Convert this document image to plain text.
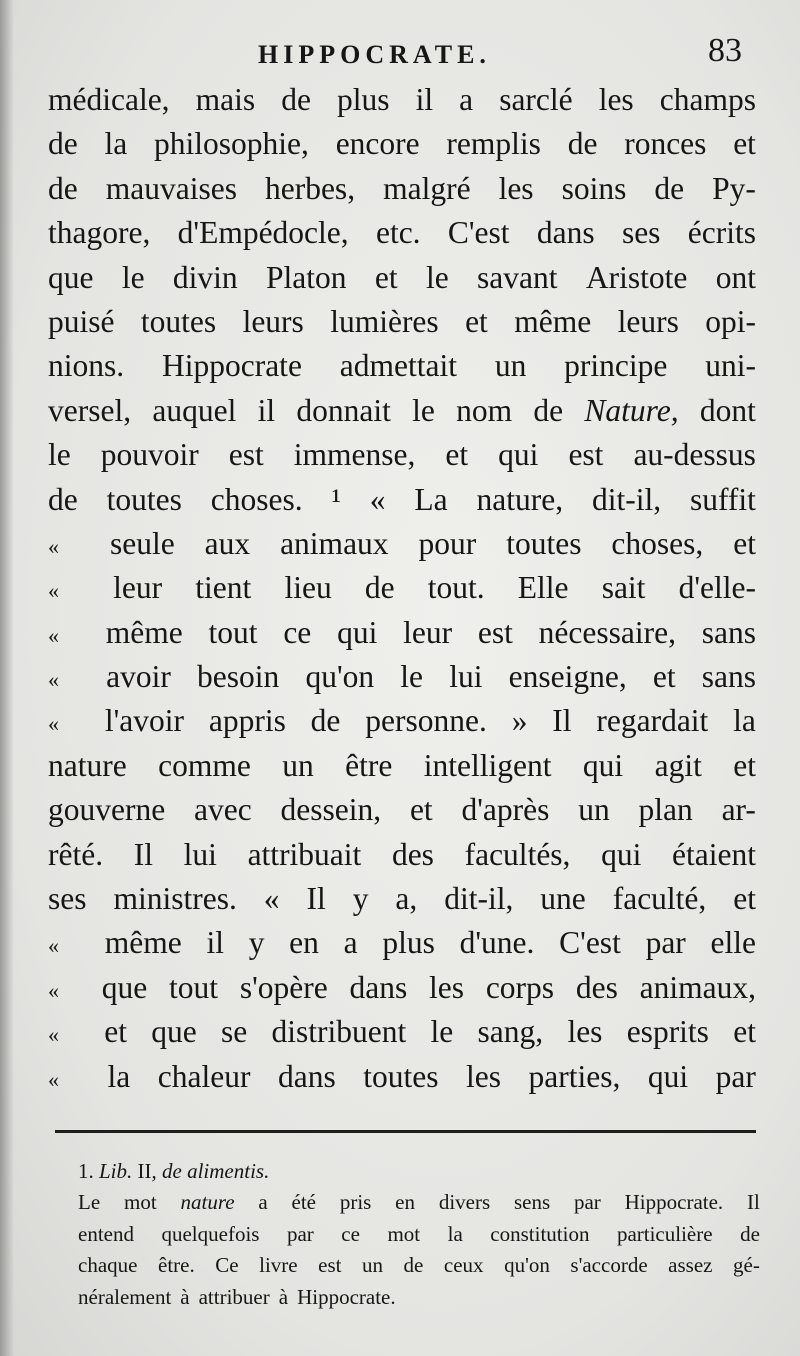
HIPPOCRATE.	83
médicale, mais de plus il a sarclé les champs
de la philosophie, encore remplis de ronces et
de mauvaises herbes, malgré les soins de Py-
thagore, d'Empédocle, etc. C'est dans ses écrits
que le divin Platon et le savant Aristote ont
puisé toutes leurs lumières et même leurs opi-
nions. Hippocrate admettait un principe uni-
versel, auquel il donnait le nom de Nature, dont
le pouvoir est immense, et qui est au-dessus
de toutes choses. ¹ « La nature, dit-il, suffit
«	seule aux animaux pour toutes choses, et
«	leur tient lieu de tout. Elle sait d'elle-
«	même tout ce qui leur est nécessaire, sans
«	avoir besoin qu'on le lui enseigne, et sans
«	l'avoir appris de personne. » Il regardait la
nature comme un être intelligent qui agit et
gouverne avec dessein, et d'après un plan ar-
rêté. Il lui attribuait des facultés, qui étaient
ses ministres. « Il y a, dit-il, une faculté, et
«	même il y en a plus d'une. C'est par elle
«	que tout s'opère dans les corps des animaux,
«	et que se distribuent le sang, les esprits et
«	la chaleur dans toutes les parties, qui par
1. Lib. II, de alimentis.
Le mot nature a été pris en divers sens par Hippocrate. Il
entend quelquefois par ce mot la constitution particulière de
chaque être. Ce livre est un de ceux qu'on s'accorde assez gé-
néralement à attribuer à Hippocrate.
